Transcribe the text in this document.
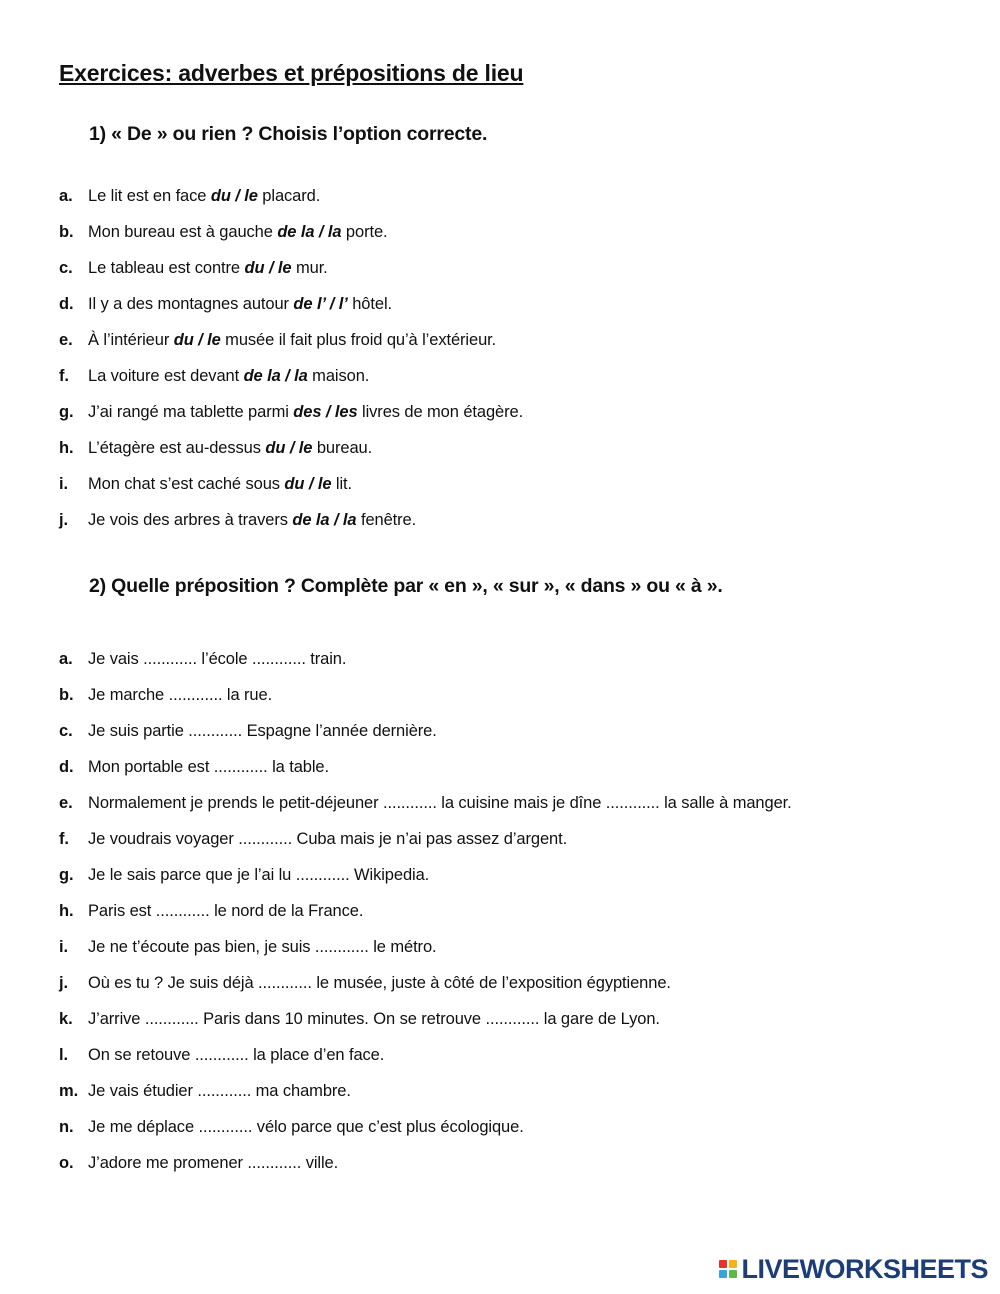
Exercices: adverbes et prépositions de lieu
1) « De » ou rien ? Choisis l’option correcte.
a. Le lit est en face du / le placard.
b. Mon bureau est à gauche de la / la porte.
c. Le tableau est contre du / le mur.
d. Il y a des montagnes autour de l’ / l’ hôtel.
e. À l’intérieur du / le musée il fait plus froid qu’à l’extérieur.
f. La voiture est devant de la / la maison.
g. J’ai rangé ma tablette parmi des / les livres de mon étagère.
h. L’étagère est au-dessus du / le bureau.
i. Mon chat s’est caché sous du / le lit.
j. Je vois des arbres à travers de la / la fenêtre.
2) Quelle préposition ? Complète par « en », « sur », « dans » ou « à ».
a. Je vais ............ l’école ............ train.
b. Je marche ............ la rue.
c. Je suis partie ............ Espagne l’année dernière.
d. Mon portable est ............ la table.
e. Normalement je prends le petit-déjeuner ............ la cuisine mais je dîne ............ la salle à manger.
f. Je voudrais voyager ............ Cuba mais je n’ai pas assez d’argent.
g. Je le sais parce que je l’ai lu ............ Wikipedia.
h. Paris est ............ le nord de la France.
i. Je ne t’écoute pas bien, je suis ............ le métro.
j. Où es tu ? Je suis déjà ............ le musée, juste à côté de l’exposition égyptienne.
k. J’arrive ............ Paris dans 10 minutes. On se retrouve ............ la gare de Lyon.
l. On se retouve ............ la place d’en face.
m. Je vais étudier ............ ma chambre.
n. Je me déplace ............ vélo parce que c’est plus écologique.
o. J’adore me promener ............ ville.
LIVEWORKSHEETS
